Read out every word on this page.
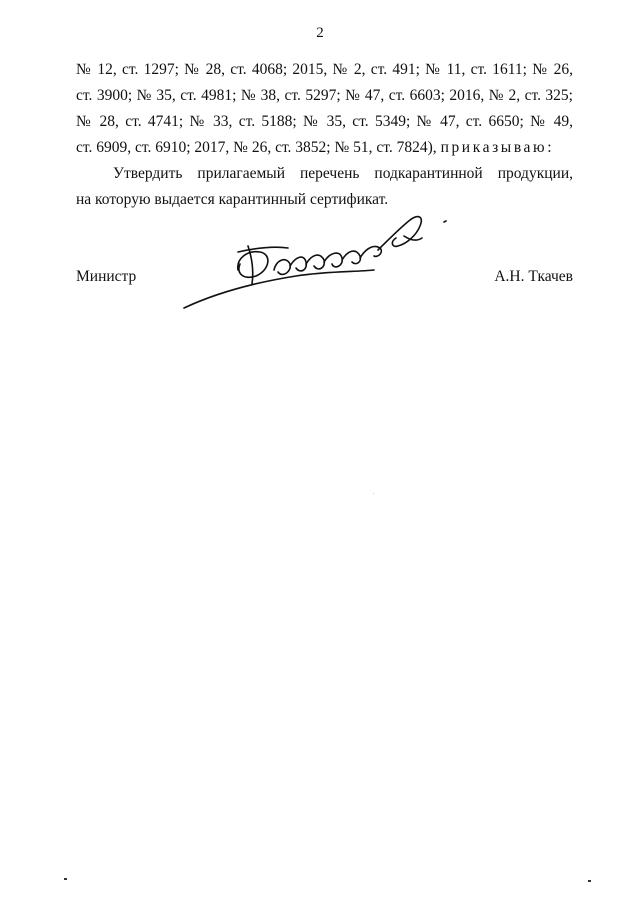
2
№ 12, ст. 1297; № 28, ст. 4068; 2015, № 2, ст. 491; № 11, ст. 1611; № 26,
ст. 3900; № 35, ст. 4981; № 38, ст. 5297; № 47, ст. 6603; 2016, № 2, ст. 325;
№ 28, ст. 4741; № 33, ст. 5188; № 35, ст. 5349; № 47, ст. 6650; № 49,
ст. 6909, ст. 6910; 2017, № 26, ст. 3852; № 51, ст. 7824), приказываю:
Утвердить прилагаемый перечень подкарантинной продукции,
на которую выдается карантинный сертификат.
Министр	А.Н. Ткачев
